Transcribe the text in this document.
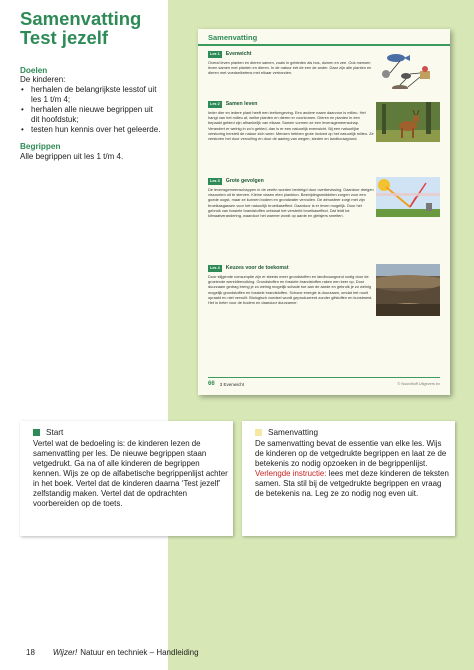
Samenvatting
Test jezelf
Doelen
De kinderen:
• herhalen de belangrijkste lesstof uit les 1 t/m 4;
• herhalen alle nieuwe begrippen uit dit hoofdstuk;
• testen hun kennis over het geleerde.
Begrippen
Alle begrippen uit les 1 t/m 4.
Samenvatting
Les 1	Evenwicht
Overal leven planten en dieren samen, zoals in gebieden als bos, duinen en zee. Ook mensen leven samen met planten en dieren. In de natuur eet de een de ander. Daar zijn alle planten en dieren met voedselketens met elkaar verbonden.
Les 2	Samen leven
Ieder dier en iedere plant heeft een leefomgeving. Een andere naam daarvoor is milieu. Het hangt van het milieu af, welke planten en dieren er voorkomen. Dieren en planten in een bepaald gebied zijn afhankelijk van elkaar. Samen vormen ze een levensgemeenschap. Verandert er weinig in zo'n gebied, dan is er een natuurlijk evenwicht. Bij een natuurlijke verstoring herstelt de natuur zich weer. Mensen hebben grote invloed op het natuurlijk milieu. Ze verstoren het door vervuiling en door de aanleg van wegen, steden en landbouwgrond.
Les 3	Grote gevolgen
De levensgemeenschappen in de zeeën worden bedreigd door overbevissing. Daardoor dreigen vissoorten uit te sterven. Kleine vissen eten plankton. Bestrijdingsmiddelen zorgen voor een goede oogst, maar ze kunnen bodem en grondwater vervuilen. De atmosfeer zorgt met zijn broeikasgassen voor het natuurlijk broeikaseffect. Daardoor is er leven mogelijk. Door het gebruik van fossiele brandstoffen ontstaat het versterkt broeikaseffect. Dat leidt tot klimaatverandering, waardoor het warmer wordt op aarde en gletsjers smelten.
Les 4	Keuzes voor de toekomst
Door stijgende consumptie zijn er steeds meer grondstoffen en landbouwgrond nodig door de groeiende wereldbevolking. Grondstoffen en fossiele brandstoffen raken een keer op. Door duurzaam gedrag breng je zo weinig mogelijk schade toe aan de aarde en gebruik je zo weinig mogelijk grondstoffen en fossiele brandstoffen. Schone energie is duurzaam, omdat het nooit opraakt en niet vervuilt. Biologisch voedsel wordt geproduceerd zonder gifstoffen en kunstmest. Het is beter voor de bodem en daardoor duurzamer.
66 3 Evenwicht	© Noordhoff Uitgevers bv
Start
Vertel wat de bedoeling is: de kinderen lezen de samenvatting per les. De nieuwe begrippen staan vetgedrukt. Ga na of alle kinderen de begrippen kennen. Wijs ze op de alfabetische begrippenlijst achter in het boek. Vertel dat de kinderen daarna ‘Test jezelf’ zelfstandig maken. Vertel dat de opdrachten voorbereiden op de toets.
Samenvatting
De samenvatting bevat de essentie van elke les. Wijs de kinderen op de vetgedrukte begrippen en laat ze de betekenis zo nodig opzoeken in de begrippenlijst.
Verlengde instructie: lees met deze kinderen de teksten samen. Sta stil bij de vetgedrukte begrippen en vraag de betekenis na. Leg ze zo nodig nog even uit.
18 Wijzer! Natuur en techniek – Handleiding
